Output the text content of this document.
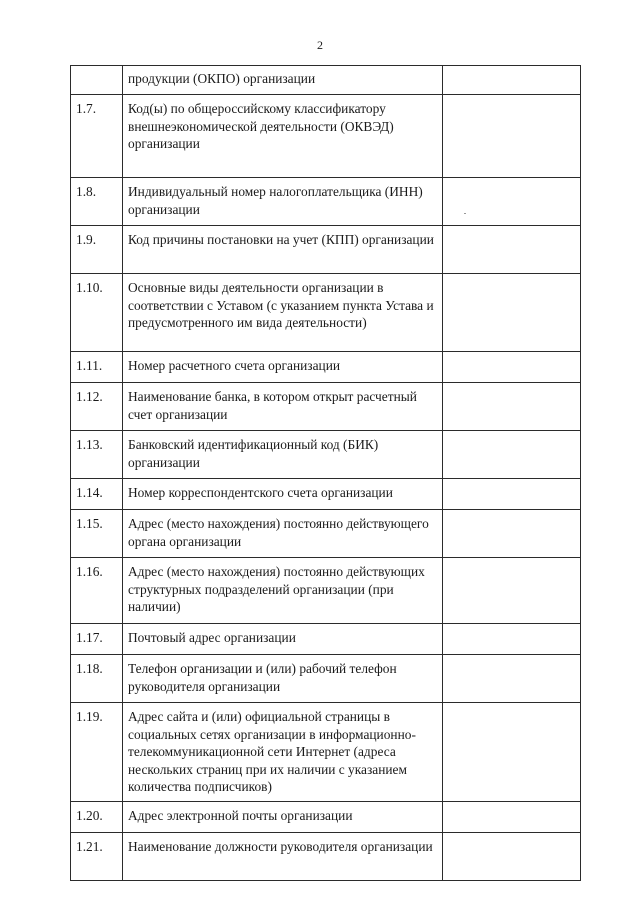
2
	продукции (ОКПО) организации	
1.7.	Код(ы) по общероссийскому классификатору внешнеэкономической деятельности (ОКВЭД) организации	
1.8.	Индивидуальный номер налогоплательщика (ИНН) организации	
1.9.	Код причины постановки на учет (КПП) организации	
1.10.	Основные виды деятельности организации в соответствии с Уставом (с указанием пункта Устава и предусмотренного им вида деятельности)	
1.11.	Номер расчетного счета организации	
1.12.	Наименование банка, в котором открыт расчетный счет организации	
1.13.	Банковский идентификационный код (БИК) организации	
1.14.	Номер корреспондентского счета организации	
1.15.	Адрес (место нахождения) постоянно действующего органа организации	
1.16.	Адрес (место нахождения) постоянно действующих структурных подразделений организации (при наличии)	
1.17.	Почтовый адрес организации	
1.18.	Телефон организации и (или) рабочий телефон руководителя организации	
1.19.	Адрес сайта и (или) официальной страницы в социальных сетях организации в информационно-телекоммуникационной сети Интернет (адреса нескольких страниц при их наличии с указанием количества подписчиков)	
1.20.	Адрес электронной почты организации	
1.21.	Наименование должности руководителя организации	
